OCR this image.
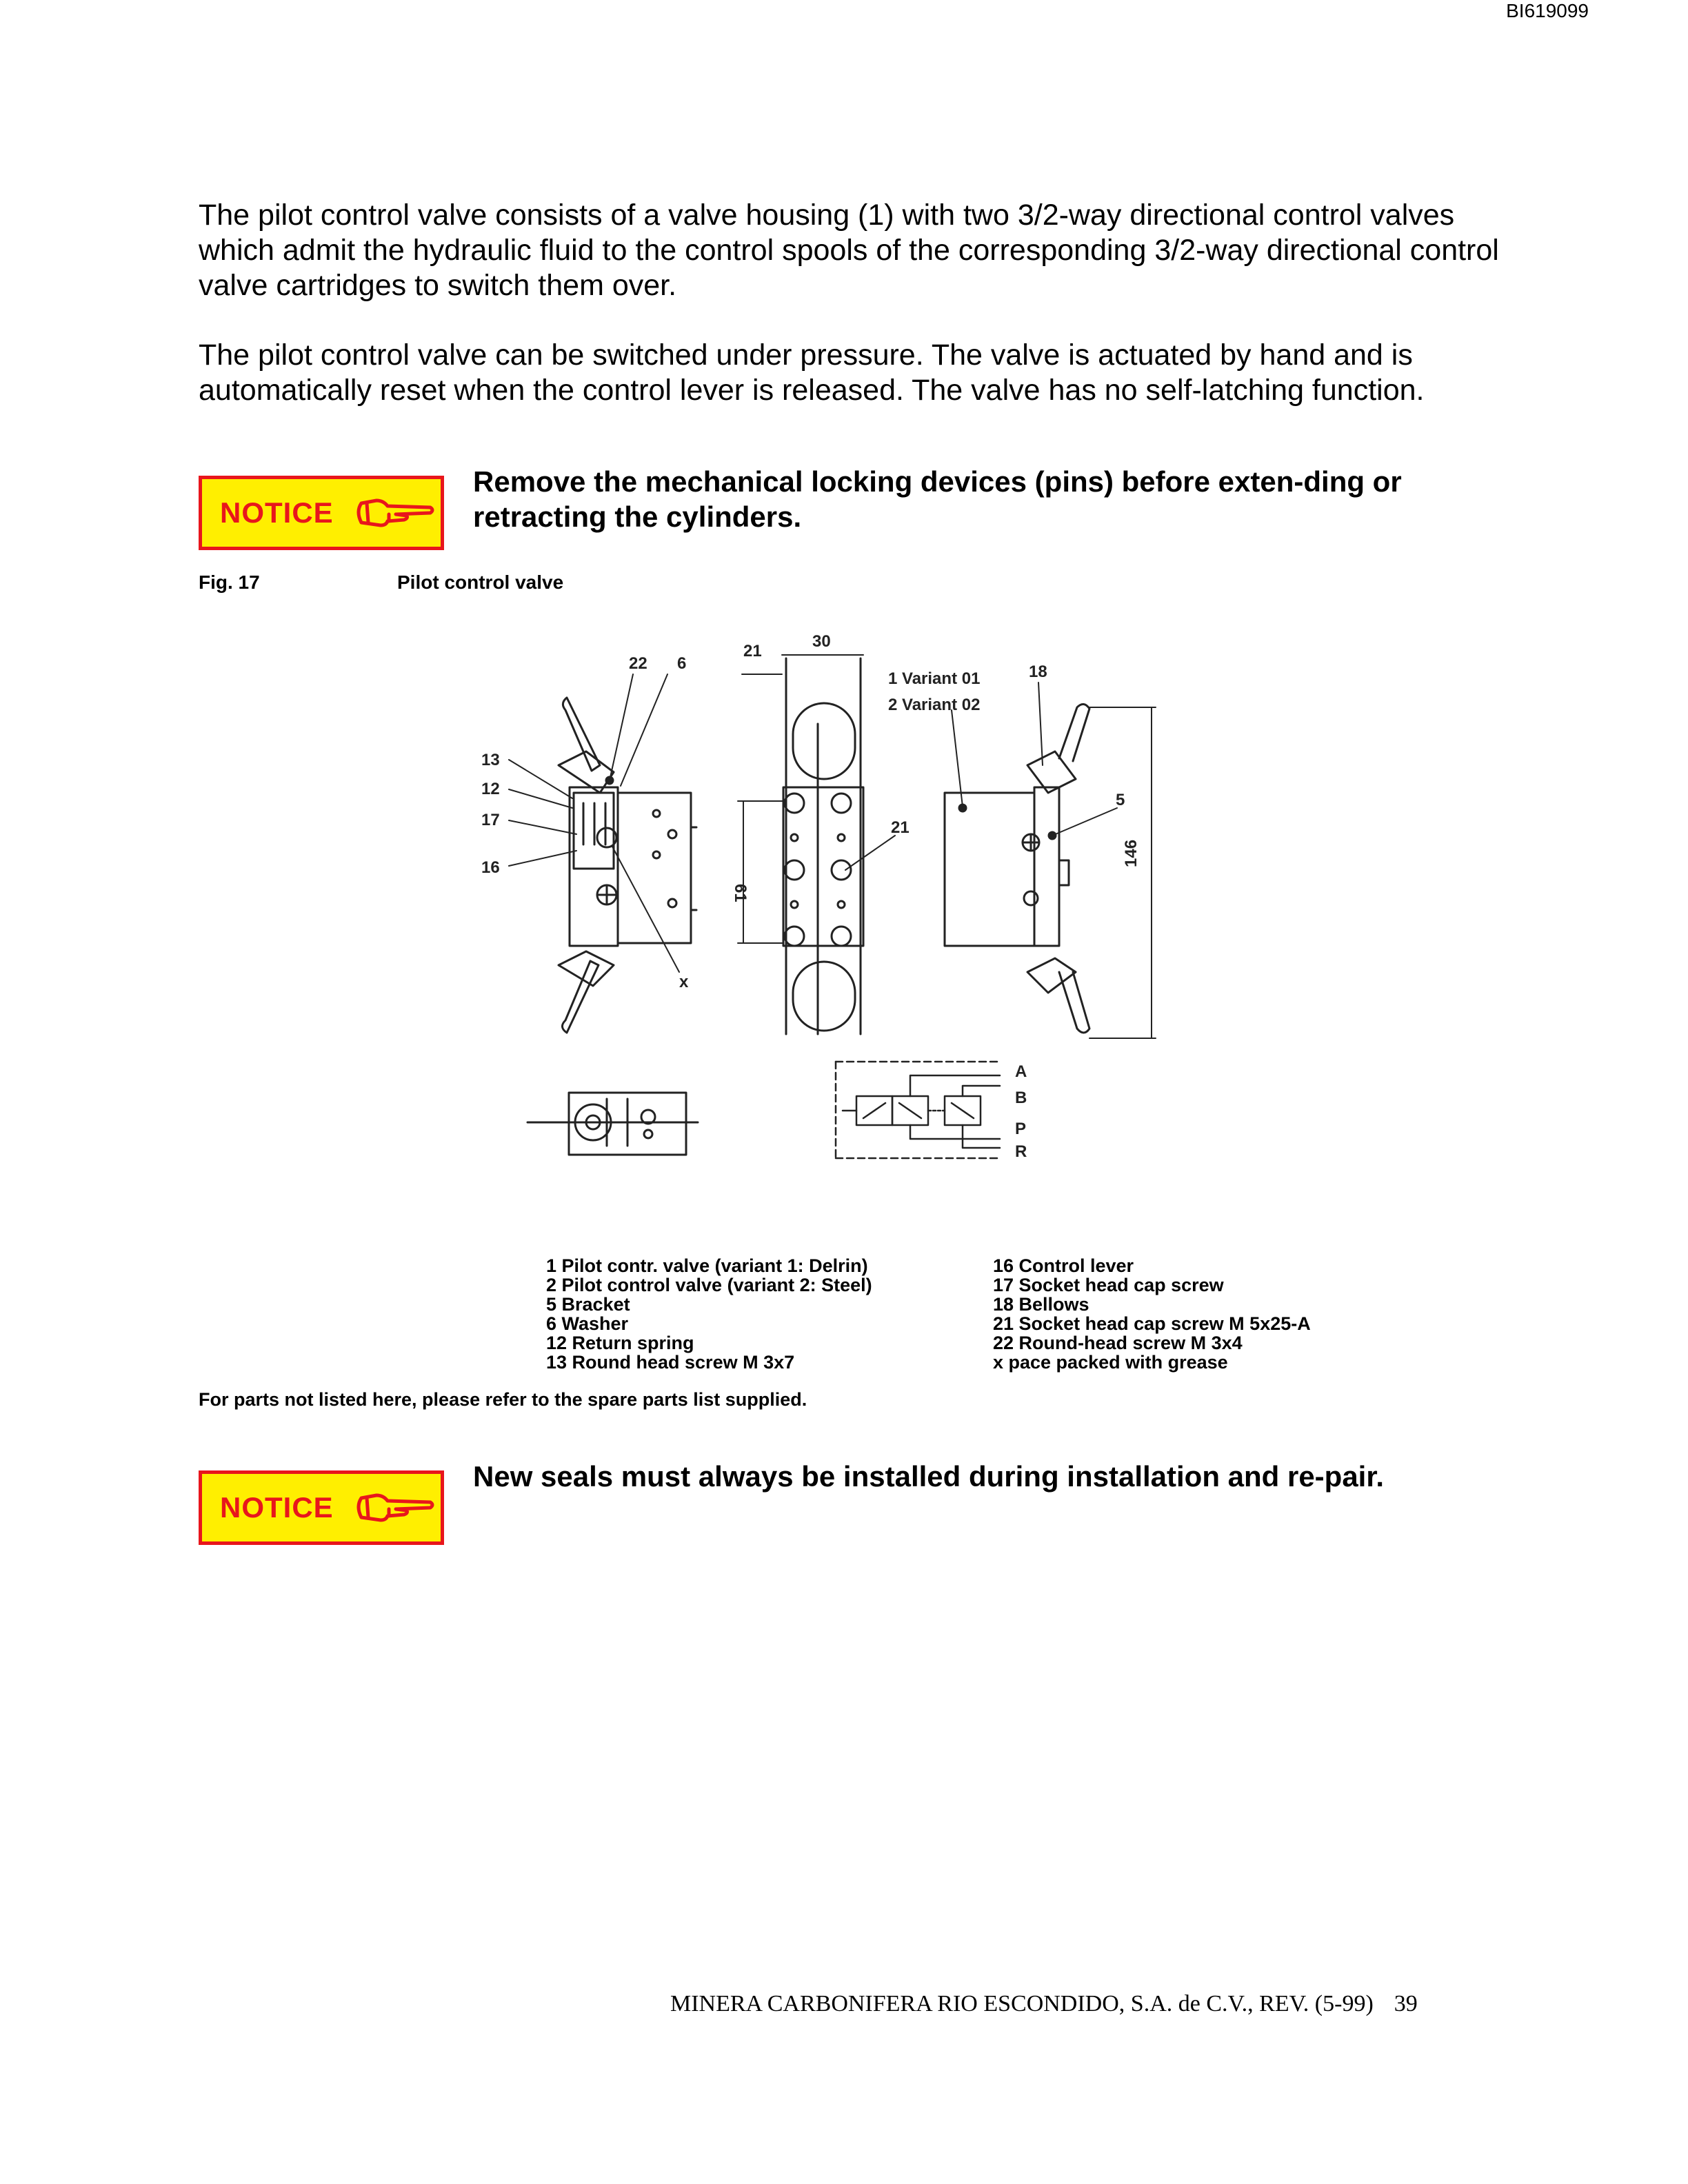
BI619099

The pilot control valve consists of a valve housing (1) with two 3/2-way directional control valves which admit the hydraulic fluid to the control spools of the corresponding 3/2-way directional control valve cartridges to switch them over.

The pilot control valve can be switched under pressure. The valve is actuated by hand and is automatically reset when the control lever is released. The valve has no self-latching function.

NOTICE

Remove the mechanical locking devices (pins) before exten-ding or retracting the cylinders.

Fig. 17	Pilot control valve
13
12
17
16
22 6
x
21
30
21
61
1 Variant 01
2 Variant 02
18
5
146
A
B
P
R
1 Pilot contr. valve (variant 1: Delrin)
2 Pilot control valve (variant 2: Steel)
5 Bracket
6 Washer
12 Return spring
13 Round head screw M 3x7
16 Control lever
17 Socket head cap screw
18 Bellows
21 Socket head cap screw M 5x25-A
22 Round-head screw M 3x4
x pace packed with grease
For parts not listed here, please refer to the spare parts list supplied.
NOTICE

New seals must always be installed during installation and re-pair.

MINERA CARBONIFERA RIO ESCONDIDO, S.A. de C.V., REV. (5-99) 39
